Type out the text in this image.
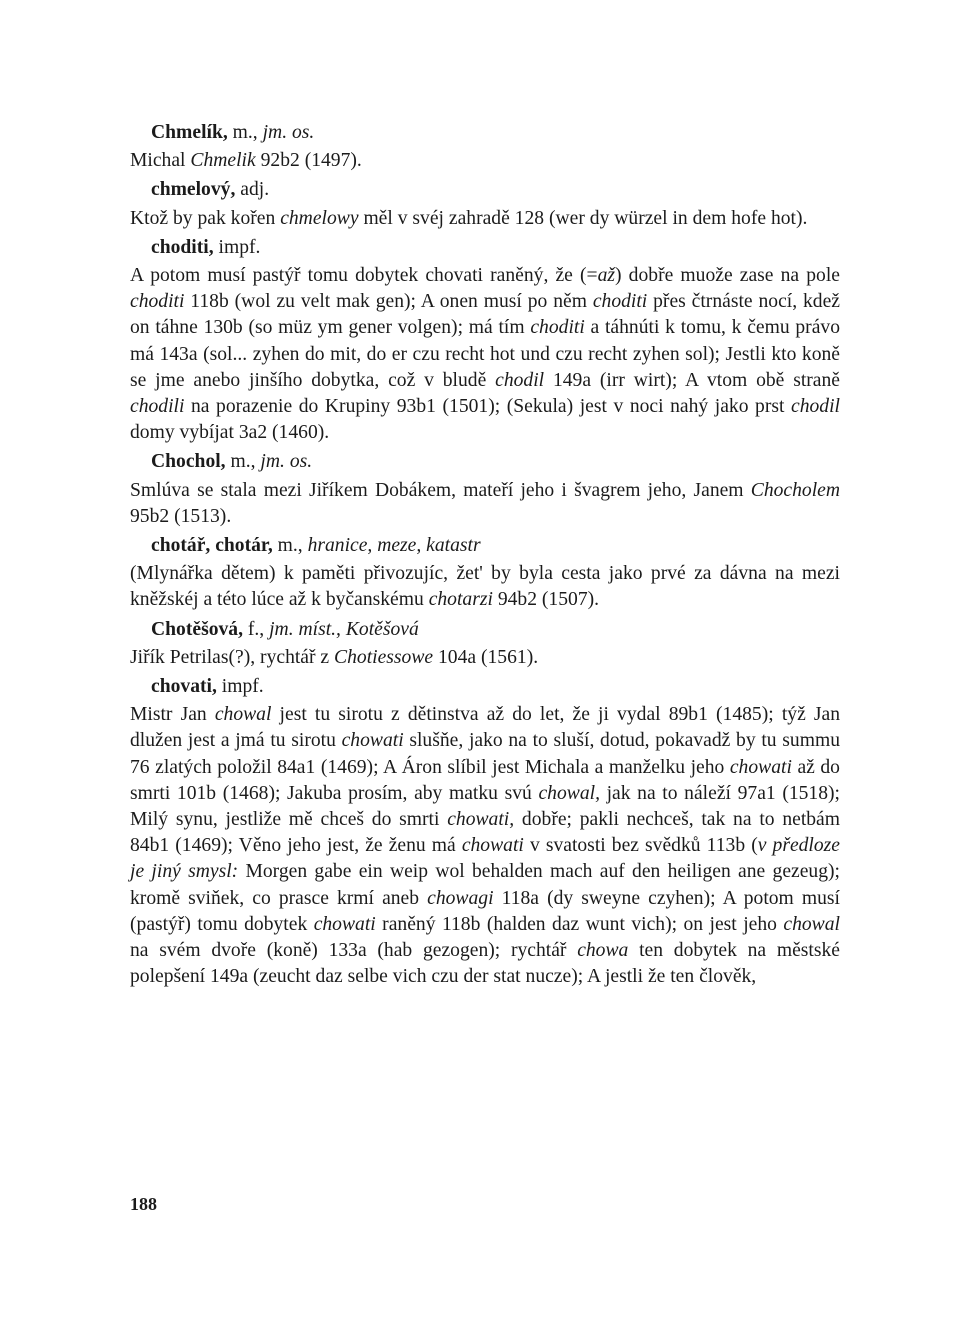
Chmelík, m., jm. os.
Michal Chmelik 92b2 (1497).
chmelový, adj.
Ktož by pak kořen chmelowy měl v svéj zahradě 128 (wer dy würzel in dem hofe hot).
choditi, impf.
A potom musí pastýř tomu dobytek chovati raněný, že (=až) dobře muože zase na pole choditi 118b (wol zu velt mak gen); A onen musí po něm choditi přes čtrnáste nocí, kdež on táhne 130b (so müz ym gener volgen); má tím choditi a táhnúti k tomu, k čemu právo má 143a (sol... zyhen do mit, do er czu recht hot und czu recht zyhen sol); Jestli kto koně se jme anebo jinšího dobytka, což v bludě chodil 149a (irr wirt); A vtom obě straně chodili na porazenie do Krupiny 93b1 (1501); (Sekula) jest v noci nahý jako prst chodil domy vybíjat 3a2 (1460).
Chochol, m., jm. os.
Smlúva se stala mezi Jiříkem Dobákem, mateří jeho i švagrem jeho, Janem Chocholem 95b2 (1513).
chotář, chotár, m., hranice, meze, katastr
(Mlynářka dětem) k paměti přivozujíc, žet' by byla cesta jako prvé za dávna na mezi kněžskéj a této lúce až k byčanskému chotarzi 94b2 (1507).
Chotěšová, f., jm. míst., Kotěšová
Jiřík Petrilas(?), rychtář z Chotiessowe 104a (1561).
chovati, impf.
Mistr Jan chowal jest tu sirotu z dětinstva až do let, že ji vydal 89b1 (1485); týž Jan dlužen jest a jmá tu sirotu chowati slušňe, jako na to sluší, dotud, pokavadž by tu summu 76 zlatých položil 84a1 (1469); A Áron slíbil jest Michala a manželku jeho chowati až do smrti 101b (1468); Jakuba prosím, aby matku svú chowal, jak na to náleží 97a1 (1518); Milý synu, jestliže mě chceš do smrti chowati, dobře; pakli nechceš, tak na to netbám 84b1 (1469); Věno jeho jest, že ženu má chowati v svatosti bez svědků 113b (v předloze je jiný smysl: Morgen gabe ein weip wol behalden mach auf den heiligen ane gezeug); kromě sviňek, co prasce krmí aneb chowagi 118a (dy sweyne czyhen); A potom musí (pastýř) tomu dobytek chowati raněný 118b (halden daz wunt vich); on jest jeho chowal na svém dvoře (koně) 133a (hab gezogen); rychtář chowa ten dobytek na městské polepšení 149a (zeucht daz selbe vich czu der stat nucze); A jestli že ten člověk,
188
